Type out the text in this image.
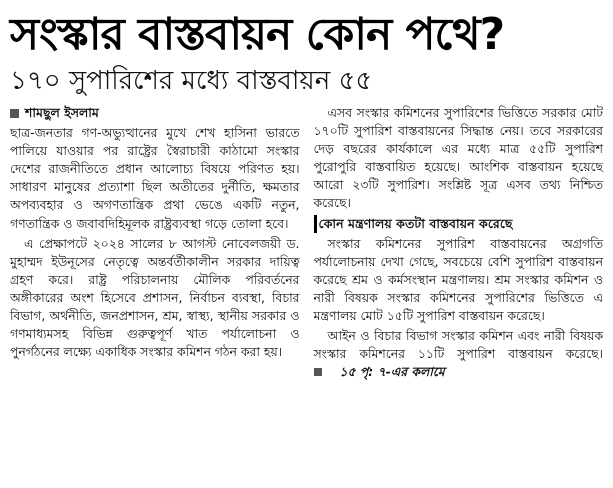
সংস্কার বাস্তবায়ন কোন পথে?
১৭০ সুপারিশের মধ্যে বাস্তবায়ন ৫৫
শামছুল ইসলাম

ছাত্র-জনতার গণ-অভ্যুত্থানের মুখে শেখ হাসিনা ভারতে পালিয়ে যাওয়ার পর রাষ্ট্রের স্বৈরাচারী কাঠামো সংস্কার দেশের রাজনীতিতে প্রধান আলোচ্য বিষয়ে পরিণত হয়। সাধারণ মানুষের প্রত্যাশা ছিল অতীতের দুর্নীতি, ক্ষমতার অপব্যবহার ও অগণতান্ত্রিক প্রথা ভেঙে একটি নতুন, গণতান্ত্রিক ও জবাবদিহিমূলক রাষ্ট্রব্যবস্থা গড়ে তোলা হবে।

এ প্রেক্ষাপটে ২০২৪ সালের ৮ আগস্ট নোবেলজয়ী ড. মুহাম্মদ ইউনূসের নেতৃত্বে অন্তর্বর্তীকালীন সরকার দায়িত্ব গ্রহণ করে। রাষ্ট্র পরিচালনায় মৌলিক পরিবর্তনের অঙ্গীকারের অংশ হিসেবে প্রশাসন, নির্বাচন ব্যবস্থা, বিচার বিভাগ, অর্থনীতি, জনপ্রশাসন, শ্রম, স্বাস্থ্য, স্থানীয় সরকার ও গণমাধ্যমসহ বিভিন্ন গুরুত্বপূর্ণ খাত পর্যালোচনা ও পুনর্গঠনের লক্ষ্যে একাধিক সংস্কার কমিশন গঠন করা হয়।

এসব সংস্কার কমিশনের সুপারিশের ভিত্তিতে সরকার মোট ১৭০টি সুপারিশ বাস্তবায়নের সিদ্ধান্ত নেয়। তবে সরকারের দেড় বছরের কার্যকালে এর মধ্যে মাত্র ৫৫টি সুপারিশ পুরোপুরি বাস্তবায়িত হয়েছে। আংশিক বাস্তবায়ন হয়েছে আরো ২৩টি সুপারিশ। সংশ্লিষ্ট সূত্র এসব তথ্য নিশ্চিত করেছে।

কোন মন্ত্রণালয় কতটা বাস্তবায়ন করেছে

সংস্কার কমিশনের সুপারিশ বাস্তবায়নের অগ্রগতি পর্যালোচনায় দেখা গেছে, সবচেয়ে বেশি সুপারিশ বাস্তবায়ন করেছে শ্রম ও কর্মসংস্থান মন্ত্রণালয়। শ্রম সংস্কার কমিশন ও নারী বিষয়ক সংস্কার কমিশনের সুপারিশের ভিত্তিতে এ মন্ত্রণালয় মোট ১৫টি সুপারিশ বাস্তবায়ন করেছে।

আইন ও বিচার বিভাগ সংস্কার কমিশন এবং নারী বিষয়ক সংস্কার কমিশনের ১১টি সুপারিশ বাস্তবায়ন করেছে।
১৫ পৃ: ৭-এর কলামে
